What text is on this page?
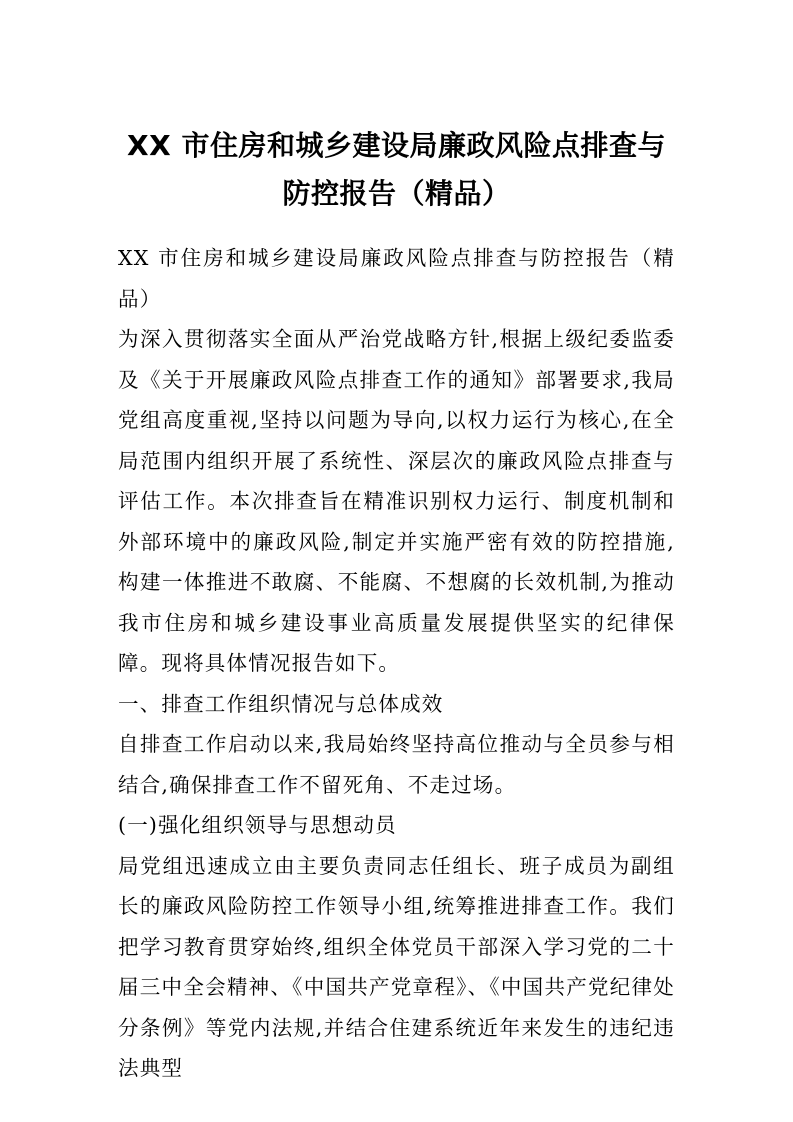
XX 市住房和城乡建设局廉政风险点排查与
防控报告（精品）

XX 市住房和城乡建设局廉政风险点排查与防控报告（精品）

为深入贯彻落实全面从严治党战略方针,根据上级纪委监委及《关于开展廉政风险点排查工作的通知》部署要求,我局党组高度重视,坚持以问题为导向,以权力运行为核心,在全局范围内组织开展了系统性、深层次的廉政风险点排查与评估工作。本次排查旨在精准识别权力运行、制度机制和外部环境中的廉政风险,制定并实施严密有效的防控措施,构建一体推进不敢腐、不能腐、不想腐的长效机制,为推动我市住房和城乡建设事业高质量发展提供坚实的纪律保障。现将具体情况报告如下。

一、排查工作组织情况与总体成效

自排查工作启动以来,我局始终坚持高位推动与全员参与相结合,确保排查工作不留死角、不走过场。

(一)强化组织领导与思想动员

局党组迅速成立由主要负责同志任组长、班子成员为副组长的廉政风险防控工作领导小组,统筹推进排查工作。我们把学习教育贯穿始终,组织全体党员干部深入学习党的二十届三中全会精神、《中国共产党章程》、《中国共产党纪律处分条例》等党内法规,并结合住建系统近年来发生的违纪违法典型
